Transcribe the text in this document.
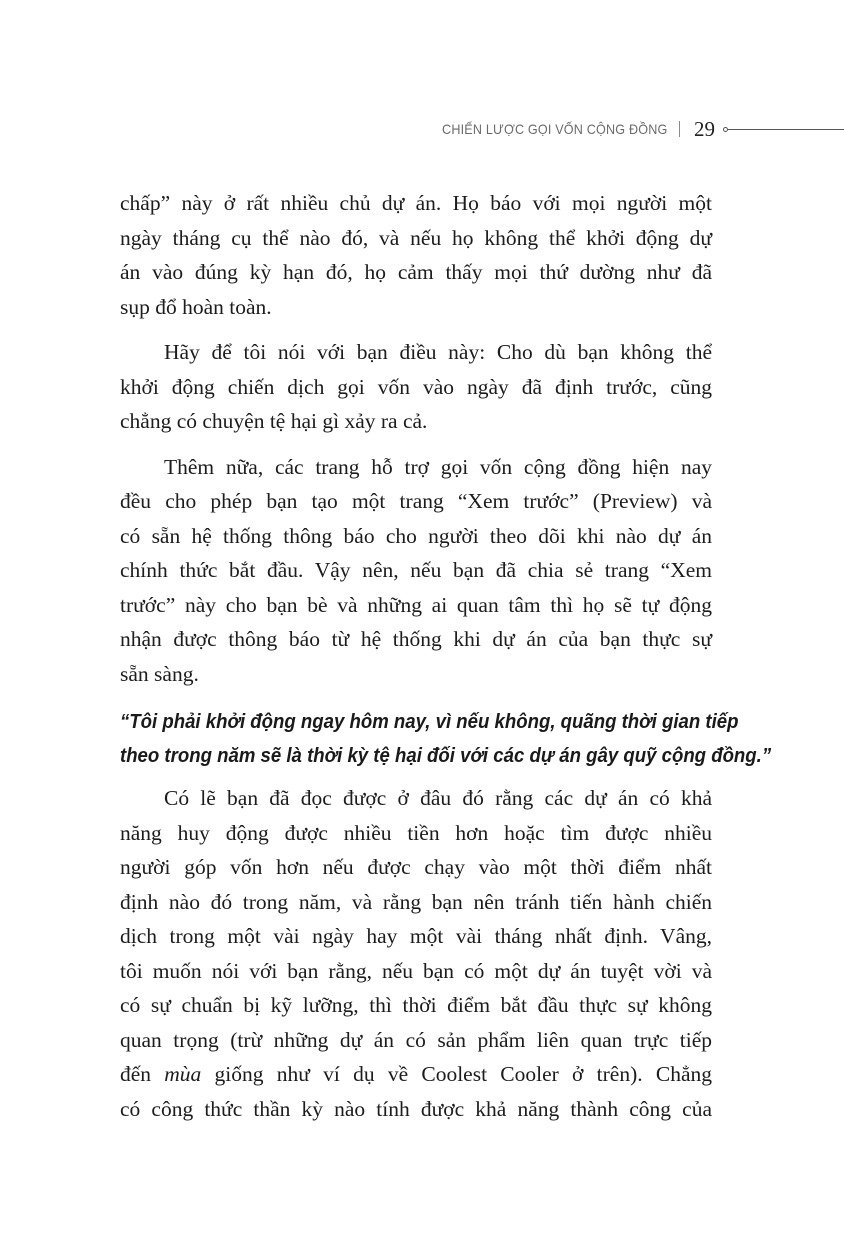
CHIẾN LƯỢC GỌI VỐN CỘNG ĐỒNG 29

chấp” này ở rất nhiều chủ dự án. Họ báo với mọi người một
ngày tháng cụ thể nào đó, và nếu họ không thể khởi động dự
án vào đúng kỳ hạn đó, họ cảm thấy mọi thứ dường như đã
sụp đổ hoàn toàn.

Hãy để tôi nói với bạn điều này: Cho dù bạn không thể
khởi động chiến dịch gọi vốn vào ngày đã định trước, cũng
chẳng có chuyện tệ hại gì xảy ra cả.

Thêm nữa, các trang hỗ trợ gọi vốn cộng đồng hiện nay
đều cho phép bạn tạo một trang “Xem trước” (Preview) và
có sẵn hệ thống thông báo cho người theo dõi khi nào dự án
chính thức bắt đầu. Vậy nên, nếu bạn đã chia sẻ trang “Xem
trước” này cho bạn bè và những ai quan tâm thì họ sẽ tự động
nhận được thông báo từ hệ thống khi dự án của bạn thực sự
sẵn sàng.

“Tôi phải khởi động ngay hôm nay, vì nếu không, quãng thời gian tiếp
theo trong năm sẽ là thời kỳ tệ hại đối với các dự án gây quỹ cộng đồng.”

Có lẽ bạn đã đọc được ở đâu đó rằng các dự án có khả
năng huy động được nhiều tiền hơn hoặc tìm được nhiều
người góp vốn hơn nếu được chạy vào một thời điểm nhất
định nào đó trong năm, và rằng bạn nên tránh tiến hành chiến
dịch trong một vài ngày hay một vài tháng nhất định. Vâng,
tôi muốn nói với bạn rằng, nếu bạn có một dự án tuyệt vời và
có sự chuẩn bị kỹ lưỡng, thì thời điểm bắt đầu thực sự không
quan trọng (trừ những dự án có sản phẩm liên quan trực tiếp
đến mùa giống như ví dụ về Coolest Cooler ở trên). Chẳng
có công thức thần kỳ nào tính được khả năng thành công của
